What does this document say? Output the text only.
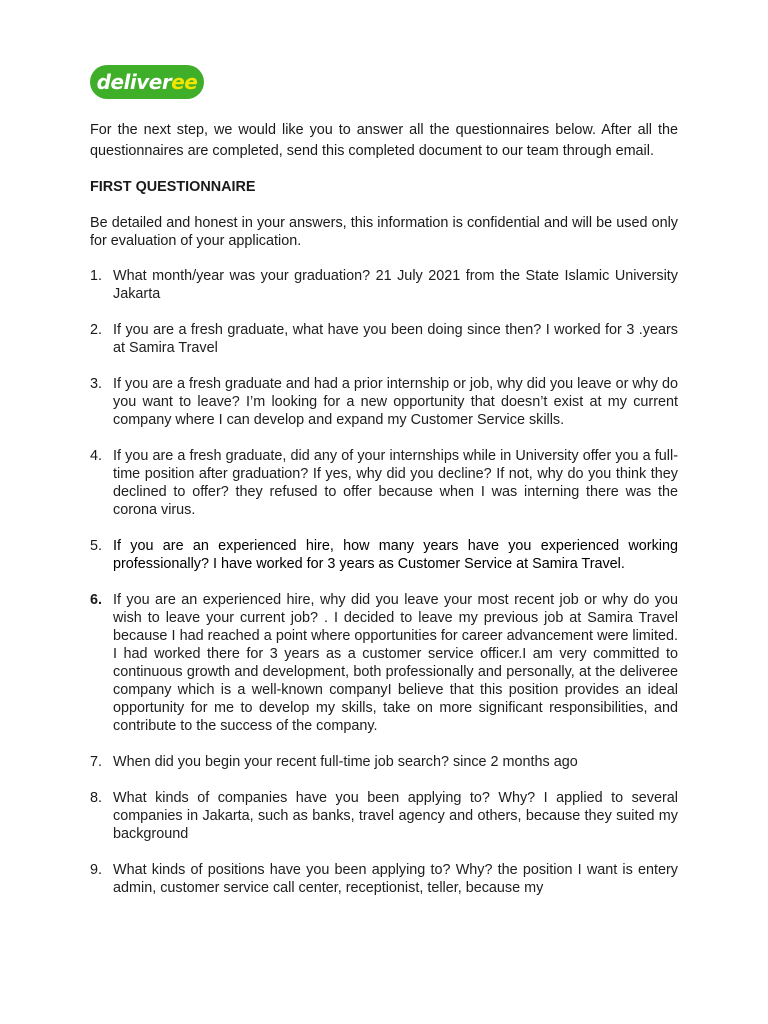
deliveree

For the next step, we would like you to answer all the questionnaires below. After all the questionnaires are completed, send this completed document to our team through email.

FIRST QUESTIONNAIRE

Be detailed and honest in your answers, this information is confidential and will be used only for evaluation of your application.

1. What month/year was your graduation? 21 July 2021 from the State Islamic University Jakarta
2. If you are a fresh graduate, what have you been doing since then? I worked for 3 .years at Samira Travel
3. If you are a fresh graduate and had a prior internship or job, why did you leave or why do you want to leave? I’m looking for a new opportunity that doesn’t exist at my current company where I can develop and expand my Customer Service skills.
4. If you are a fresh graduate, did any of your internships while in University offer you a full-time position after graduation? If yes, why did you decline? If not, why do you think they declined to offer? they refused to offer because when I was interning there was the corona virus.
5. If you are an experienced hire, how many years have you experienced working professionally? I have worked for 3 years as Customer Service at Samira Travel.
6. If you are an experienced hire, why did you leave your most recent job or why do you wish to leave your current job? . I decided to leave my previous job at Samira Travel because I had reached a point where opportunities for career advancement were limited. I had worked there for 3 years as a customer service officer.I am very committed to continuous growth and development, both professionally and personally, at the deliveree company which is a well-known companyI believe that this position provides an ideal opportunity for me to develop my skills, take on more significant responsibilities, and contribute to the success of the company.
7. When did you begin your recent full-time job search? since 2 months ago
8. What kinds of companies have you been applying to? Why? I applied to several companies in Jakarta, such as banks, travel agency and others, because they suited my background
9. What kinds of positions have you been applying to? Why? the position I want is entery admin, customer service call center, receptionist, teller, because my
